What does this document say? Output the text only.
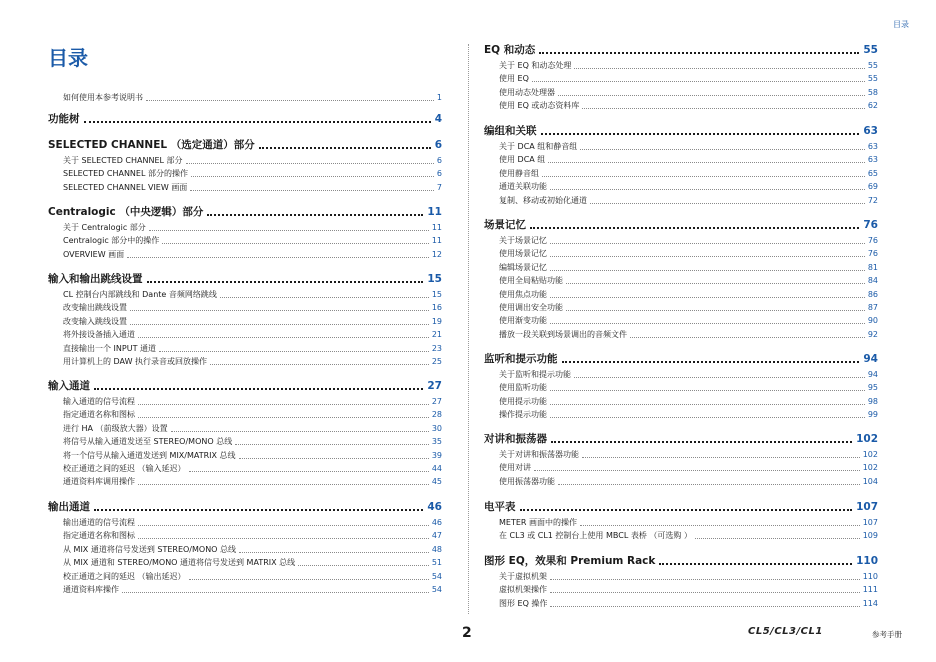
目录
目录
如何使用本参考说明书	1
功能树	4
SELECTED CHANNEL （选定通道）部分	6
关于 SELECTED CHANNEL 部分	6
SELECTED CHANNEL 部分的操作	6
SELECTED CHANNEL VIEW 画面	7
Centralogic （中央逻辑）部分	11
关于 Centralogic 部分	11
Centralogic 部分中的操作	11
OVERVIEW 画面	12
输入和输出跳线设置	15
CL 控制台内部跳线和 Dante 音频网络跳线	15
改变输出跳线设置	16
改变输入跳线设置	19
将外接设备插入通道	21
直接输出一个 INPUT 通道	23
用计算机上的 DAW 执行录音或回放操作	25
输入通道	27
输入通道的信号流程	27
指定通道名称和图标	28
进行 HA （前级放大器）设置	30
将信号从输入通道发送至 STEREO/MONO 总线	35
将一个信号从输入通道发送到 MIX/MATRIX 总线	39
校正通道之间的延迟 （输入延迟）	44
通道资料库调用操作	45
输出通道	46
输出通道的信号流程	46
指定通道名称和图标	47
从 MIX 通道将信号发送到 STEREO/MONO 总线	48
从 MIX 通道和 STEREO/MONO 通道将信号发送到 MATRIX 总线	51
校正通道之间的延迟 （输出延迟）	54
通道资料库操作	54
EQ 和动态	55
关于 EQ 和动态处理	55
使用 EQ	55
使用动态处理器	58
使用 EQ 或动态资料库	62
编组和关联	63
关于 DCA 组和静音组	63
使用 DCA 组	63
使用静音组	65
通道关联功能	69
复制、移动或初始化通道	72
场景记忆	76
关于场景记忆	76
使用场景记忆	76
编辑场景记忆	81
使用全局粘贴功能	84
使用焦点功能	86
使用调出安全功能	87
使用渐变功能	90
播放一段关联到场景调出的音频文件	92
监听和提示功能	94
关于监听和提示功能	94
使用监听功能	95
使用提示功能	98
操作提示功能	99
对讲和振荡器	102
关于对讲和振荡器功能	102
使用对讲	102
使用振荡器功能	104
电平表	107
METER 画面中的操作	107
在 CL3 或 CL1 控制台上使用 MBCL 表桥 （可选购 ）	109
图形 EQ，效果和 Premium Rack	110
关于虚拟机架	110
虚拟机架操作	111
图形 EQ 操作	114
2	CL5/CL3/CL1	参考手册
